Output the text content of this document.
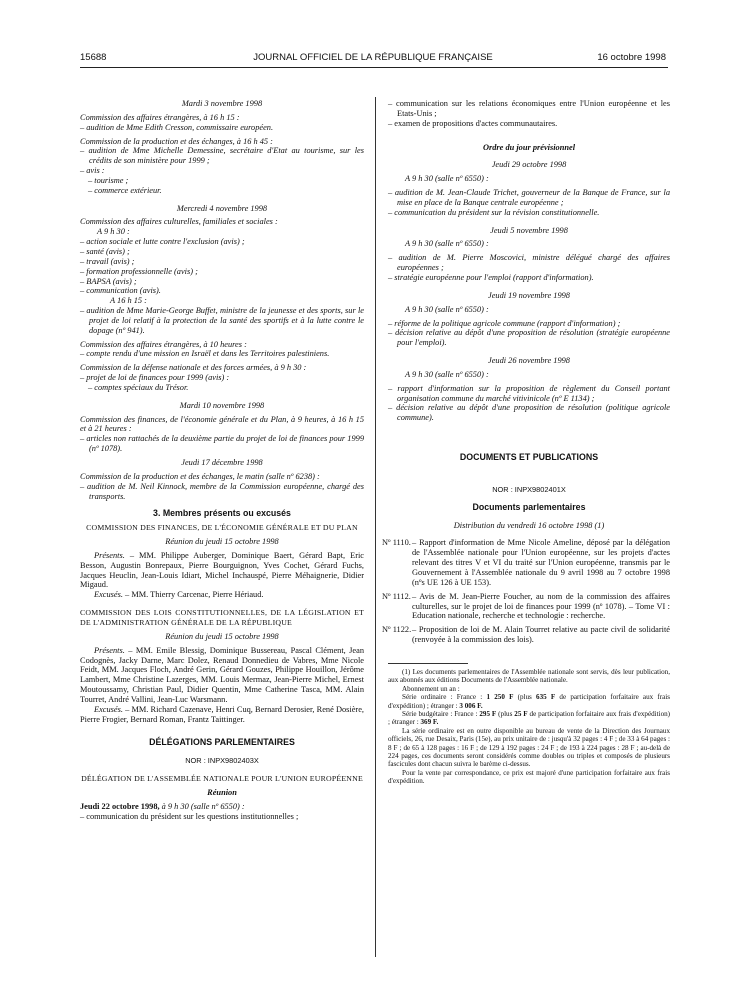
15688	JOURNAL OFFICIEL DE LA RÉPUBLIQUE FRANÇAISE	16 octobre 1998

Mardi 3 novembre 1998

Commission des affaires étrangères, à 16 h 15 :

– audition de Mme Edith Cresson, commissaire européen.

Commission de la production et des échanges, à 16 h 45 :

– audition de Mme Michelle Demessine, secrétaire d'Etat au tourisme, sur les crédits de son ministère pour 1999 ;

– avis :

– tourisme ;

– commerce extérieur.

Mercredi 4 novembre 1998

Commission des affaires culturelles, familiales et sociales :

A 9 h 30 :

– action sociale et lutte contre l'exclusion (avis) ;

– santé (avis) ;

– travail (avis) ;

– formation professionnelle (avis) ;

– BAPSA (avis) ;

– communication (avis).

A 16 h 15 :

– audition de Mme Marie-George Buffet, ministre de la jeunesse et des sports, sur le projet de loi relatif à la protection de la santé des sportifs et à la lutte contre le dopage (nº 941).

Commission des affaires étrangères, à 10 heures :

– compte rendu d'une mission en Israël et dans les Territoires palestiniens.

Commission de la défense nationale et des forces armées, à 9 h 30 :

– projet de loi de finances pour 1999 (avis) :

– comptes spéciaux du Trésor.

Mardi 10 novembre 1998

Commission des finances, de l'économie générale et du Plan, à 9 heures, à 16 h 15 et à 21 heures :

– articles non rattachés de la deuxième partie du projet de loi de finances pour 1999 (nº 1078).

Jeudi 17 décembre 1998

Commission de la production et des échanges, le matin (salle nº 6238) :

– audition de M. Neil Kinnock, membre de la Commission européenne, chargé des transports.

3. Membres présents ou excusés

COMMISSION DES FINANCES, DE L'ÉCONOMIE GÉNÉRALE ET DU PLAN

Réunion du jeudi 15 octobre 1998

Présents. – MM. Philippe Auberger, Dominique Baert, Gérard Bapt, Eric Besson, Augustin Bonrepaux, Pierre Bourguignon, Yves Cochet, Gérard Fuchs, Jacques Heuclin, Jean-Louis Idiart, Michel Inchauspé, Pierre Méhaignerie, Didier Migaud.

Excusés. – MM. Thierry Carcenac, Pierre Hériaud.

COMMISSION DES LOIS CONSTITUTIONNELLES, DE LA LÉGISLATION ET DE L'ADMINISTRATION GÉNÉRALE DE LA RÉPUBLIQUE

Réunion du jeudi 15 octobre 1998

Présents. – MM. Emile Blessig, Dominique Bussereau, Pascal Clément, Jean Codognès, Jacky Darne, Marc Dolez, Renaud Donnedieu de Vabres, Mme Nicole Feidt, MM. Jacques Floch, André Gerin, Gérard Gouzes, Philippe Houillon, Jérôme Lambert, Mme Christine Lazerges, MM. Louis Mermaz, Jean-Pierre Michel, Ernest Moutoussamy, Christian Paul, Didier Quentin, Mme Catherine Tasca, MM. Alain Tourret, André Vallini, Jean-Luc Warsmann.

Excusés. – MM. Richard Cazenave, Henri Cuq, Bernard Derosier, René Dosière, Pierre Frogier, Bernard Roman, Frantz Taittinger.

DÉLÉGATIONS PARLEMENTAIRES

NOR : INPX9802403X

DÉLÉGATION DE L'ASSEMBLÉE NATIONALE POUR L'UNION EUROPÉENNE

Réunion

Jeudi 22 octobre 1998, à 9 h 30 (salle nº 6550) :

– communication du président sur les questions institutionnelles ;

– communication sur les relations économiques entre l'Union européenne et les Etats-Unis ;

– examen de propositions d'actes communautaires.

Ordre du jour prévisionnel

Jeudi 29 octobre 1998

A 9 h 30 (salle nº 6550) :

– audition de M. Jean-Claude Trichet, gouverneur de la Banque de France, sur la mise en place de la Banque centrale européenne ;

– communication du président sur la révision constitutionnelle.

Jeudi 5 novembre 1998

A 9 h 30 (salle nº 6550) :

– audition de M. Pierre Moscovici, ministre délégué chargé des affaires européennes ;

– stratégie européenne pour l'emploi (rapport d'information).

Jeudi 19 novembre 1998

A 9 h 30 (salle nº 6550) :

– réforme de la politique agricole commune (rapport d'information) ;

– décision relative au dépôt d'une proposition de résolution (stratégie européenne pour l'emploi).

Jeudi 26 novembre 1998

A 9 h 30 (salle nº 6550) :

– rapport d'information sur la proposition de règlement du Conseil portant organisation commune du marché vitivinicole (nº E 1134) ;

– décision relative au dépôt d'une proposition de résolution (politique agricole commune).

DOCUMENTS ET PUBLICATIONS

NOR : INPX9802401X

Documents parlementaires

Distribution du vendredi 16 octobre 1998 (1)

Nº 1110. – Rapport d'information de Mme Nicole Ameline, déposé par la délégation de l'Assemblée nationale pour l'Union européenne, sur les projets d'actes relevant des titres V et VI du traité sur l'Union européenne, transmis par le Gouvernement à l'Assemblée nationale du 9 avril 1998 au 7 octobre 1998 (nºs UE 126 à UE 153).

Nº 1112. – Avis de M. Jean-Pierre Foucher, au nom de la commission des affaires culturelles, sur le projet de loi de finances pour 1999 (nº 1078). – Tome VI : Education nationale, recherche et technologie : recherche.

Nº 1122. – Proposition de loi de M. Alain Tourret relative au pacte civil de solidarité (renvoyée à la commission des lois).

(1) Les documents parlementaires de l'Assemblée nationale sont servis, dès leur publication, aux abonnés aux éditions Documents de l'Assemblée nationale.

Abonnement un an :

Série ordinaire : France : 1 250 F (plus 635 F de participation forfaitaire aux frais d'expédition) ; étranger : 3 006 F.

Série budgétaire : France : 295 F (plus 25 F de participation forfaitaire aux frais d'expédition) ; étranger : 369 F.

La série ordinaire est en outre disponible au bureau de vente de la Direction des Journaux officiels, 26, rue Desaix, Paris (15e), au prix unitaire de : jusqu'à 32 pages : 4 F ; de 33 à 64 pages : 8 F ; de 65 à 128 pages : 16 F ; de 129 à 192 pages : 24 F ; de 193 à 224 pages : 28 F ; au-delà de 224 pages, ces documents seront considérés comme doubles ou triples et composés de plusieurs fascicules dont chacun suivra le barème ci-dessus.

Pour la vente par correspondance, ce prix est majoré d'une participation forfaitaire aux frais d'expédition.
